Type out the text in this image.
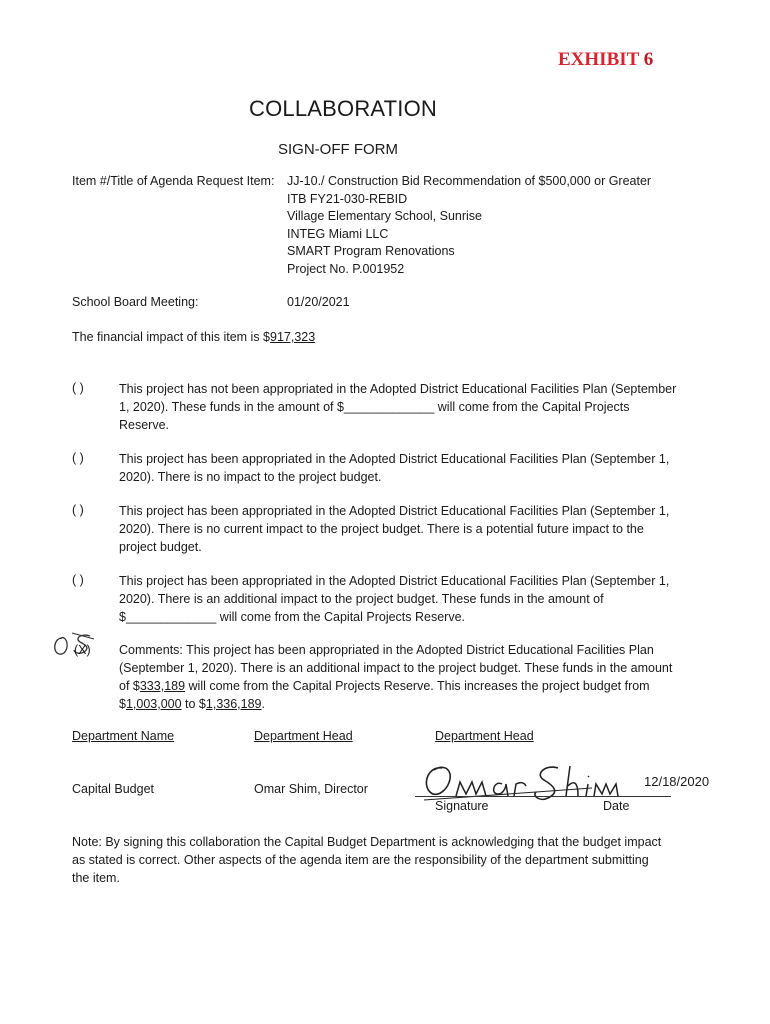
EXHIBIT 6
COLLABORATION
SIGN-OFF FORM
Item #/Title of Agenda Request Item: JJ-10./ Construction Bid Recommendation of $500,000 or Greater
ITB FY21-030-REBID
Village Elementary School, Sunrise
INTEG Miami LLC
SMART Program Renovations
Project No. P.001952
School Board Meeting:	01/20/2021
The financial impact of this item is $917,323
( )	This project has not been appropriated in the Adopted District Educational Facilities Plan (September
1, 2020). These funds in the amount of $_____________ will come from the Capital Projects
Reserve.
( )	This project has been appropriated in the Adopted District Educational Facilities Plan (September 1,
2020). There is no impact to the project budget.
( )	This project has been appropriated in the Adopted District Educational Facilities Plan (September 1,
2020). There is no current impact to the project budget. There is a potential future impact to the
project budget.
( )	This project has been appropriated in the Adopted District Educational Facilities Plan (September 1,
2020). There is an additional impact to the project budget. These funds in the amount of
$_____________ will come from the Capital Projects Reserve.
(X) Comments: This project has been appropriated in the Adopted District Educational Facilities Plan
(September 1, 2020). There is an additional impact to the project budget. These funds in the amount
of $333,189 will come from the Capital Projects Reserve. This increases the project budget from
$1,003,000 to $1,336,189.
Department Name	Department Head	Department Head
Capital Budget	Omar Shim, Director	12/18/2020
Signature	Date
Note: By signing this collaboration the Capital Budget Department is acknowledging that the budget impact
as stated is correct. Other aspects of the agenda item are the responsibility of the department submitting
the item.
